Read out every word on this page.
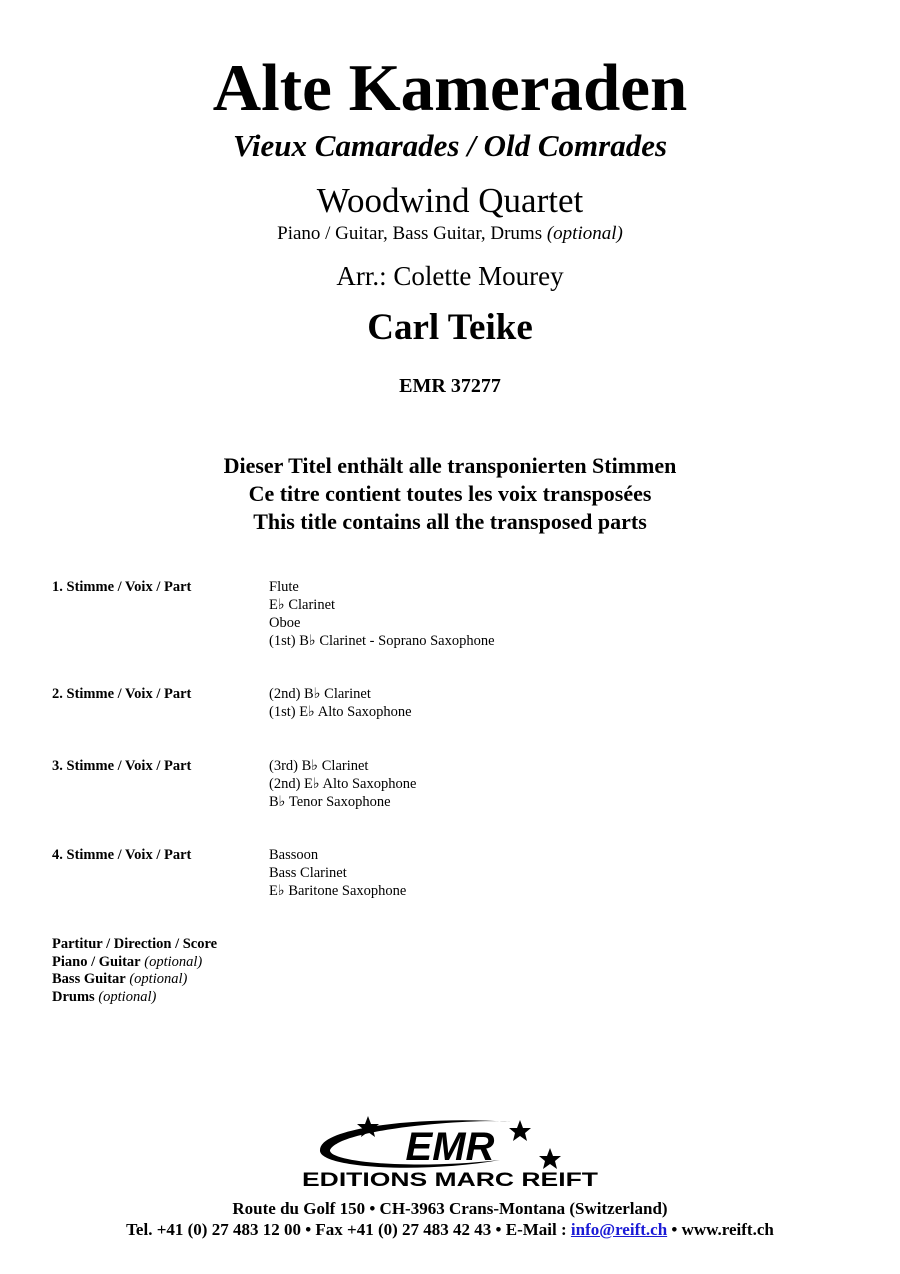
Alte Kameraden
Vieux Camarades / Old Comrades
Woodwind Quartet
Piano / Guitar, Bass Guitar, Drums (optional)
Arr.: Colette Mourey
Carl Teike
EMR 37277
Dieser Titel enthält alle transponierten Stimmen
Ce titre contient toutes les voix transposées
This title contains all the transposed parts
1. Stimme / Voix / Part	Flute
E♭ Clarinet
Oboe
(1st) B♭ Clarinet - Soprano Saxophone
2. Stimme / Voix / Part	(2nd) B♭ Clarinet
(1st) E♭ Alto Saxophone
3. Stimme / Voix / Part	(3rd) B♭ Clarinet
(2nd) E♭ Alto Saxophone
B♭ Tenor Saxophone
4. Stimme / Voix / Part	Bassoon
Bass Clarinet
E♭ Baritone Saxophone
Partitur / Direction / Score
Piano / Guitar (optional)
Bass Guitar (optional)
Drums (optional)
EMR
EDITIONS MARC REIFT
Route du Golf 150 • CH-3963 Crans-Montana (Switzerland)
Tel. +41 (0) 27 483 12 00 • Fax +41 (0) 27 483 42 43 • E-Mail : info@reift.ch • www.reift.ch
